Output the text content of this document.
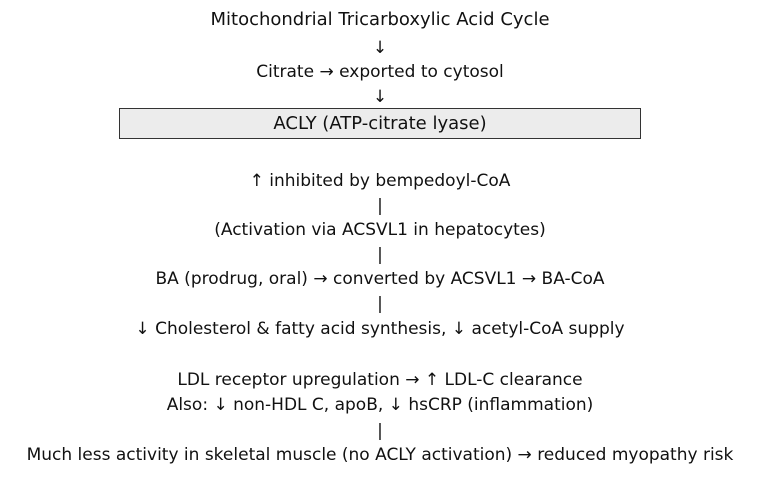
Mitochondrial Tricarboxylic Acid Cycle
↓
Citrate → exported to cytosol
↓
ACLY (ATP-citrate lyase)
↑ inhibited by bempedoyl-CoA
|
(Activation via ACSVL1 in hepatocytes)
|
BA (prodrug, oral) → converted by ACSVL1 → BA-CoA
|
↓ Cholesterol & fatty acid synthesis, ↓ acetyl-CoA supply
LDL receptor upregulation → ↑ LDL-C clearance
Also: ↓ non-HDL C, apoB, ↓ hsCRP (inflammation)
|
Much less activity in skeletal muscle (no ACLY activation) → reduced myopathy risk
